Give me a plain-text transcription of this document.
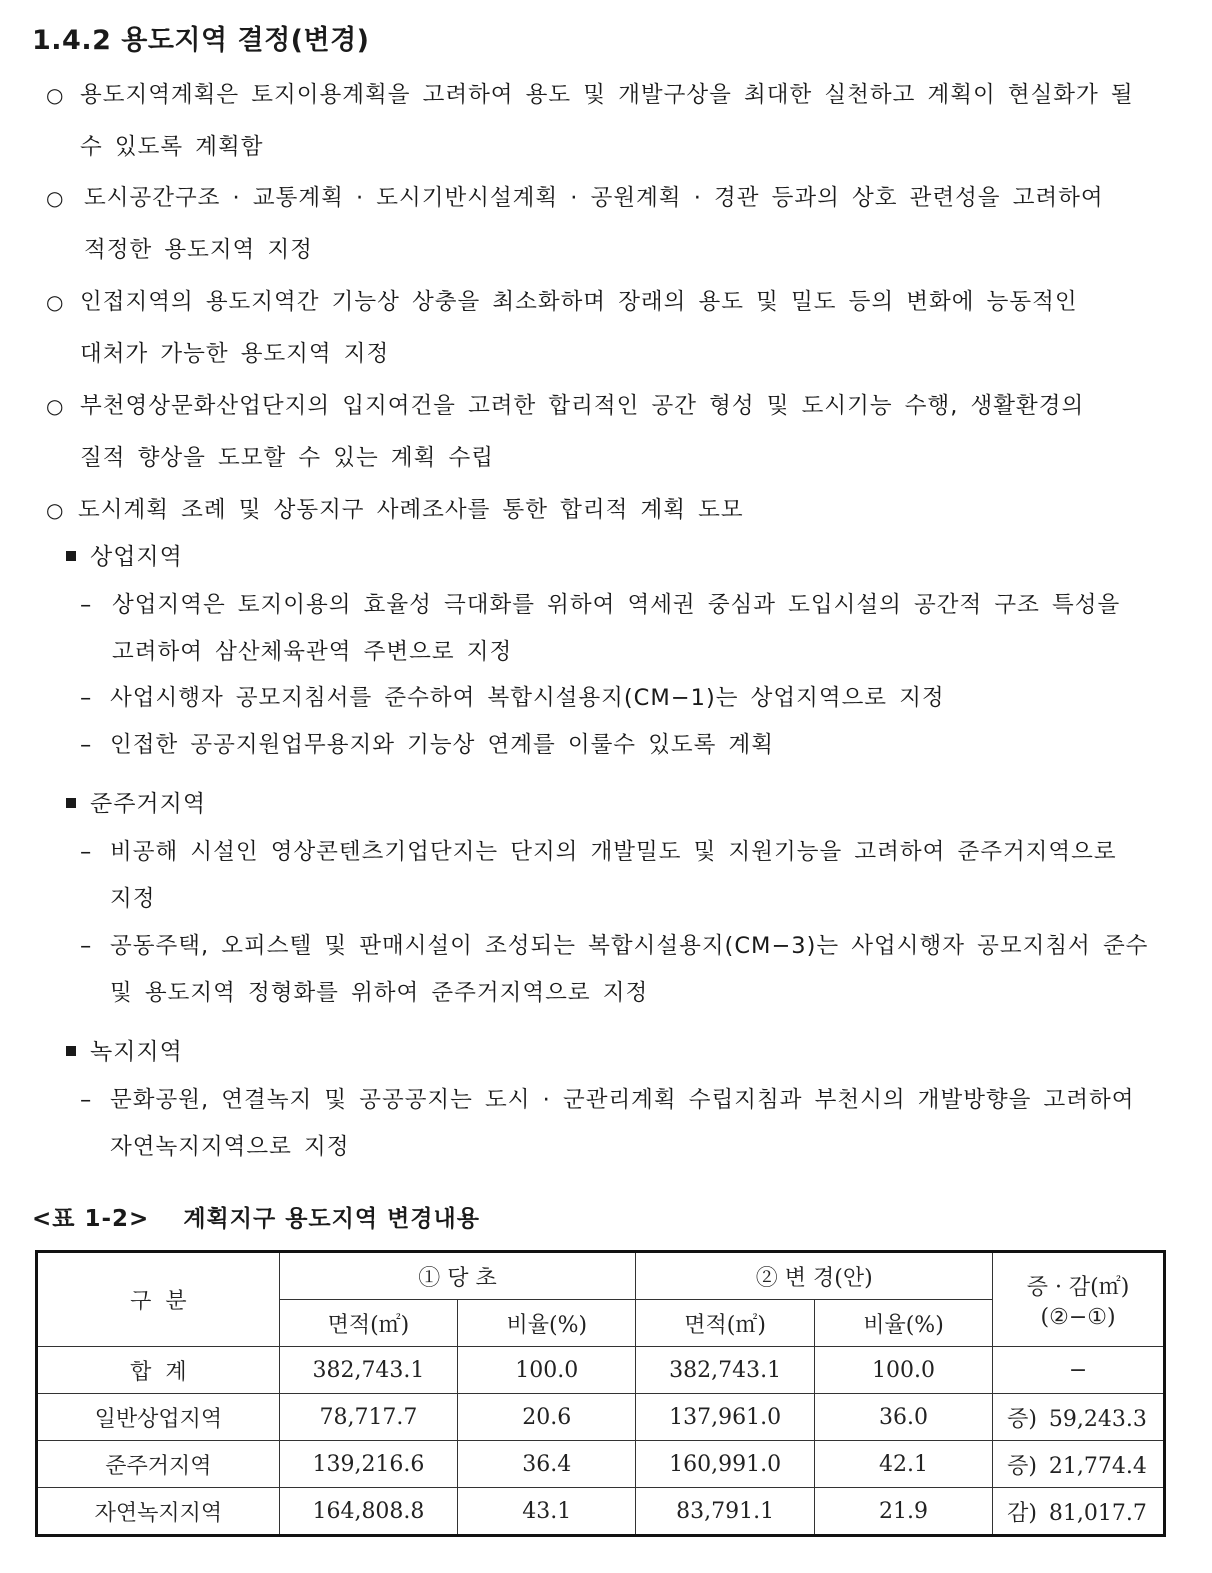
1.4.2 용도지역 결정(변경)
○ 용도지역계획은 토지이용계획을 고려하여 용도 및 개발구상을 최대한 실천하고 계획이 현실화가 될
수 있도록 계획함
○ 도시공간구조 · 교통계획 · 도시기반시설계획 · 공원계획 · 경관 등과의 상호 관련성을 고려하여
적정한 용도지역 지정
○ 인접지역의 용도지역간 기능상 상충을 최소화하며 장래의 용도 및 밀도 등의 변화에 능동적인
대처가 가능한 용도지역 지정
○ 부천영상문화산업단지의 입지여건을 고려한 합리적인 공간 형성 및 도시기능 수행, 생활환경의
질적 향상을 도모할 수 있는 계획 수립
○ 도시계획 조례 및 상동지구 사례조사를 통한 합리적 계획 도모
상업지역
– 상업지역은 토지이용의 효율성 극대화를 위하여 역세권 중심과 도입시설의 공간적 구조 특성을
고려하여 삼산체육관역 주변으로 지정
– 사업시행자 공모지침서를 준수하여 복합시설용지(CM−1)는 상업지역으로 지정
– 인접한 공공지원업무용지와 기능상 연계를 이룰수 있도록 계획
준주거지역
– 비공해 시설인 영상콘텐츠기업단지는 단지의 개발밀도 및 지원기능을 고려하여 준주거지역으로
지정
– 공동주택, 오피스텔 및 판매시설이 조성되는 복합시설용지(CM−3)는 사업시행자 공모지침서 준수
및 용도지역 정형화를 위하여 준주거지역으로 지정
녹지지역
– 문화공원, 연결녹지 및 공공공지는 도시 · 군관리계획 수립지침과 부천시의 개발방향을 고려하여
자연녹지지역으로 지정
<표 1-2> 계획지구 용도지역 변경내용
구  분	① 당 초		② 변 경(안)		증 · 감(㎡)
(②−①)

	면적(㎡)	비율(%)	면적(㎡)	비율(%)	
합  계	382,743.1	100.0	382,743.1	100.0	−
일반상업지역	78,717.7	20.6	137,961.0	36.0	증) 59,243.3
준주거지역	139,216.6	36.4	160,991.0	42.1	증) 21,774.4
자연녹지지역	164,808.8	43.1	83,791.1	21.9	감) 81,017.7
